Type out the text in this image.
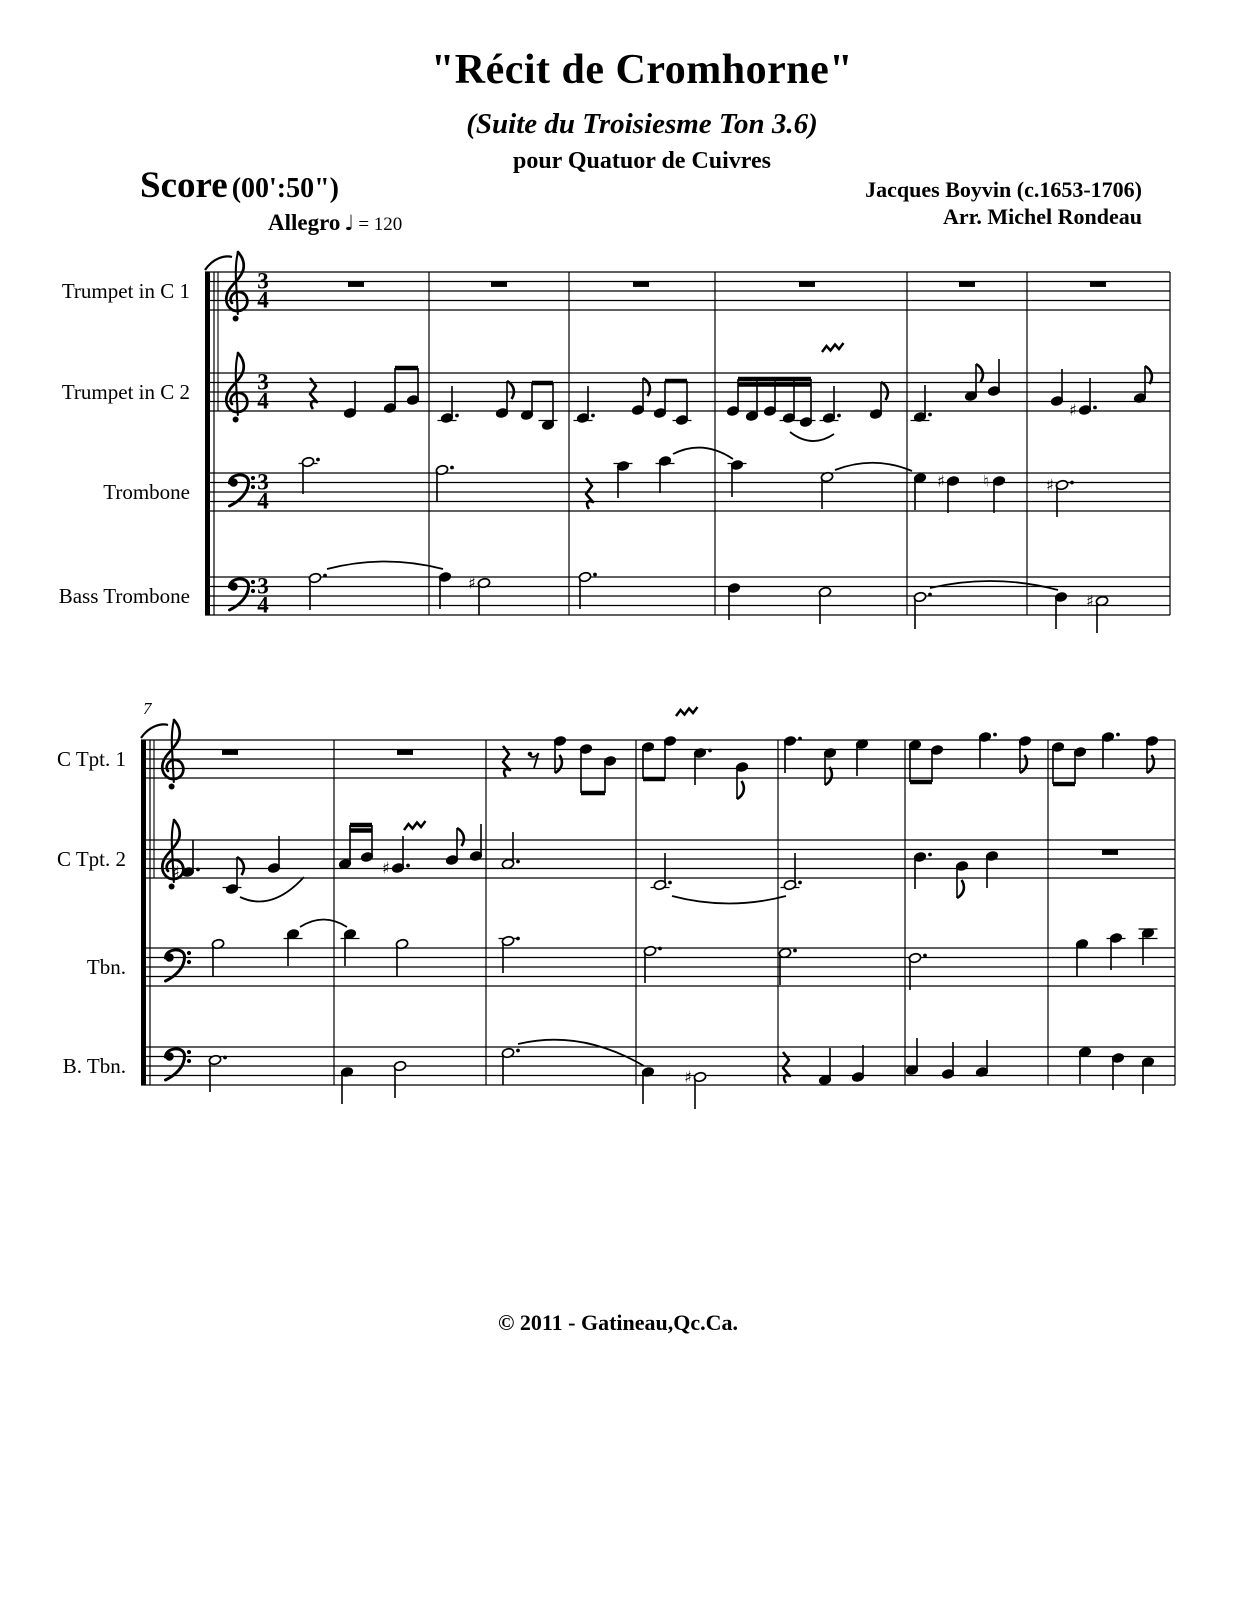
"Récit de Cromhorne"
(Suite du Troisiesme Ton 3.6)
pour Quatuor de Cuivres
Score (00':50")
Allegro ♩ = 120
Jacques Boyvin (c.1653-1706)
Arr. Michel Rondeau
Trumpet in C 1	3
4
Trumpet in C 2	3
4	♯
Trombone	3
4
♯ ♮	♯
Bass Trombone	3
4
♯
♯
7
C Tpt. 1
C Tpt. 2
♯	♯
Tbn.
B. Tbn.	♯
© 2011 - Gatineau,Qc.Ca.
